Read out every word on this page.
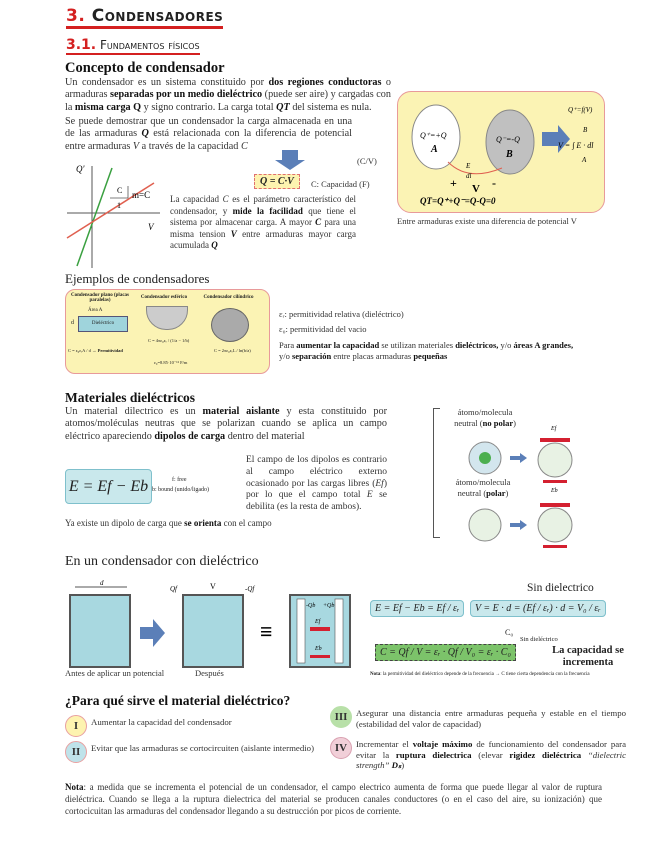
3. Condensadores
3.1. Fundamentos físicos
Concepto de condensador
Un condensador es un sistema constituido por dos regiones conductoras o armaduras separadas por un medio dieléctrico (puede ser aire) y cargadas con la misma carga Q y signo contrario. La carga total QT del sistema es nula.
Se puede demostrar que un condensador la carga almacenada en una de las armaduras Q está relacionada con la diferencia de potencial entre armaduras V a través de la capacidad C
Q'
V
m=C
C
1
Q = C·V
(C/V)
C: Capacidad (F)
La capacidad C es el parámetro característico del condensador, y mide la facilidad que tiene el sistema por almacenar carga. A mayor C para una misma tension V entre armaduras mayor carga acumulada Q
Q⁺=+Q
A
Q⁻=-Q
B
E
dl
+ V -
QT=Q⁺+Q⁻=Q-Q=0
Q⁺=f(V)
B
V = ∫ E · dl
A
Entre armaduras existe una diferencia de potencial V
Ejemplos de condensadores
Condensador plano (placas paralelas)
Condensador esférico	Condensador cilíndrico
Área A
d	Dieléctrico
C = ε₀εᵣA / d → Permitividad
C = 4πε₀εᵣ / (1/a − 1/b)
ε₀=8.85·10⁻¹² F/m
C = 2πε₀εᵣL / ln(b/a)
εᵣ: permitividad relativa (dieléctrico)
ε₀: permitividad del vacio
Para aumentar la capacidad se utilizan materiales dieléctricos, y/o áreas A grandes, y/o separación entre placas armaduras pequeñas
Materiales dieléctricos
Un material dilectrico es un material aislante y esta constituido por atomos/moléculas neutras que se polarizan cuando se aplica un campo eléctrico apareciendo dipolos de carga dentro del material
E = Ef − Eb	f: free
b: bound (unido/ligado)
El campo de los dipolos es contrario al campo eléctrico externo ocasionado por las cargas libres (Ef) por lo que el campo total E se debilita (es la resta de ambos).
Ya existe un dipolo de carga que se orienta con el campo
átomo/molecula neutral (no polar)
átomo/molecula neutral (polar)
Ef
Eb
En un condensador con dieléctrico
d
Qf	V	-Qf
≡
-Qb +Qb
Ef
Eb
Antes de aplicar un potencial	Después
Sin dielectrico
E = Ef − Eb = Ef / εᵣ	V = E · d = (Ef / εᵣ) · d = V₀ / εᵣ
C₀
Sin dieléctrico
C = Qf / V = εᵣ · Qf / V₀ = εᵣ · C₀	La capacidad se incrementa
Nota: la permitividad del dieléctrico depende de la frecuencia → C tiene cierta dependencia con la frecuencia
¿Para qué sirve el material dieléctrico?
I	Aumentar la capacidad del condensador
II	Evitar que las armaduras se cortocircuiten (aislante intermedio)
III Asegurar una distancia entre armaduras pequeña y estable en el tiempo (estabilidad del valor de capacidad)
IV	Incrementar el voltaje máximo de funcionamiento del condensador para evitar la ruptura dielectrica (elevar rigidez dieléctrica “dielectric strength” Dₛ)
Nota: a medida que se incrementa el potencial de un condensador, el campo electrico aumenta de forma que puede llegar al valor de ruptura dieléctrica. Cuando se llega a la ruptura dielectrica del material se producen canales conductores (o en el caso del aire, su ionización) que cortocicuitan las armaduras del condensador llegando a su destrucción por picos de corriente.
